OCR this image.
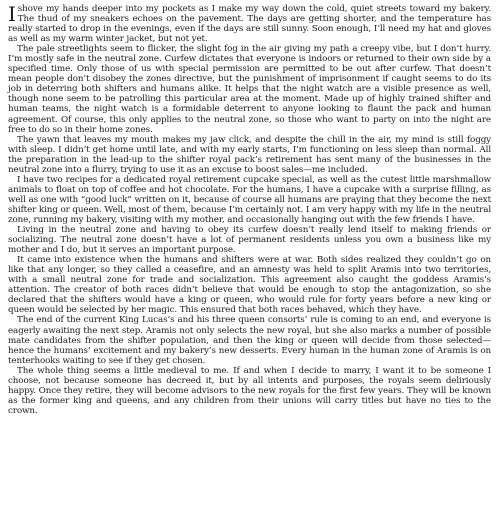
I shove my hands deeper into my pockets as I make my way down the cold, quiet streets toward my bakery. The thud of my sneakers echoes on the pavement. The days are getting shorter, and the temperature has really started to drop in the evenings, even if the days are still sunny. Soon enough, I’ll need my hat and gloves as well as my warm winter jacket, but not yet.

The pale streetlights seem to flicker, the slight fog in the air giving my path a creepy vibe, but I don’t hurry. I’m mostly safe in the neutral zone. Curfew dictates that everyone is indoors or returned to their own side by a specified time. Only those of us with special permission are permitted to be out after curfew. That doesn’t mean people don’t disobey the zones directive, but the punishment of imprisonment if caught seems to do its job in deterring both shifters and humans alike. It helps that the night watch are a visible presence as well, though none seem to be patrolling this particular area at the moment. Made up of highly trained shifter and human teams, the night watch is a formidable deterrent to anyone looking to flaunt the pack and human agreement. Of course, this only applies to the neutral zone, so those who want to party on into the night are free to do so in their home zones.

The yawn that leaves my mouth makes my jaw click, and despite the chill in the air, my mind is still foggy with sleep. I didn’t get home until late, and with my early starts, I’m functioning on less sleep than normal. All the preparation in the lead-up to the shifter royal pack’s retirement has sent many of the businesses in the neutral zone into a flurry, trying to use it as an excuse to boost sales—me included.

I have two recipes for a dedicated royal retirement cupcake special, as well as the cutest little marshmallow animals to float on top of coffee and hot chocolate. For the humans, I have a cupcake with a surprise filling, as well as one with “good luck” written on it, because of course all humans are praying that they become the next shifter king or queen. Well, most of them, because I’m certainly not. I am very happy with my life in the neutral zone, running my bakery, visiting with my mother, and occasionally hanging out with the few friends I have.

Living in the neutral zone and having to obey its curfew doesn’t really lend itself to making friends or socializing. The neutral zone doesn’t have a lot of permanent residents unless you own a business like my mother and I do, but it serves an important purpose.

It came into existence when the humans and shifters were at war. Both sides realized they couldn’t go on like that any longer, so they called a ceasefire, and an amnesty was held to split Aramis into two territories, with a small neutral zone for trade and socialization. This agreement also caught the goddess Aramis’s attention. The creator of both races didn’t believe that would be enough to stop the antagonization, so she declared that the shifters would have a king or queen, who would rule for forty years before a new king or queen would be selected by her magic. This ensured that both races behaved, which they have.

The end of the current King Lucas’s and his three queen consorts’ rule is coming to an end, and everyone is eagerly awaiting the next step. Aramis not only selects the new royal, but she also marks a number of possible mate candidates from the shifter population, and then the king or queen will decide from those selected—hence the humans’ excitement and my bakery’s new desserts. Every human in the human zone of Aramis is on tenterhooks waiting to see if they get chosen.

The whole thing seems a little medieval to me. If and when I decide to marry, I want it to be someone I choose, not because someone has decreed it, but by all intents and purposes, the royals seem deliriously happy. Once they retire, they will become advisors to the new royals for the first few years. They will be known as the former king and queens, and any children from their unions will carry titles but have no ties to the crown.
